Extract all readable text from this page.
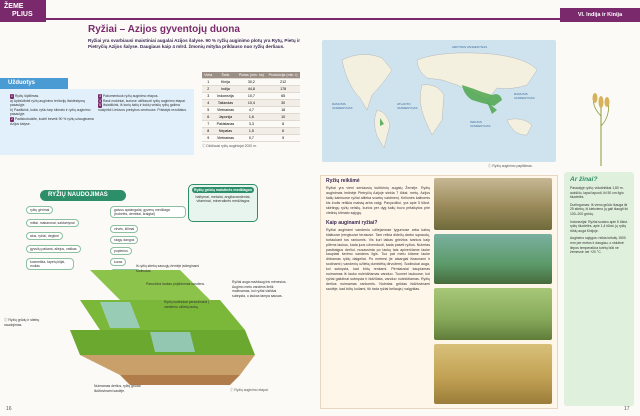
ŽEME
PLIUS	VI. Indija ir Kinija
Ryžiai – Azijos gyventojų duona
Ryžiai yra svarbiausi maistiniai augalai Azijos šalyse. 90 % ryžių auginimo plotų yra Rytų, Pietų ir Pietryčių Azijos šalyse. Daugiaus kaip 4 mlrd. žmonių mityba priklauso nuo ryžių derliaus.
Užduotys
1 Ryžių šiplitimas.
a) Apibūdinkit ryžių auginimo teritorijų išsidėstymą pasaulyje.
b) Paaiškink, kokiu ryšiu tarp klimato ir ryžių auginimo pasaulyje.
2 Padiskutuokite, kodėl beveik 90 % ryžių užauginama Azijos šalyse.
3 Pakomentuok ryžių auginimo etapus.
4 Rask mokiniai, kuriose užfiksuoti ryžių auginimo etapai.
5 Išsiaiškink, iš kurių šalių ir kokių veislių ryžių galima nusipirkti Lietuvos prekybos centruose. Pristatyk rezultatus.
Vieta	Šalis	Plotas (mln. ha)	Produkcija (mln. t)
1	Kinija	30,2	212
2	Indija	44,8	178
3	Indonezija	10,7	65
4	Tailandas	10,4	30
5	Vietnamas	4,7	18
6	Japonija	1,6	10
7	Pakistanas	3,3	8
8	Nepalas	1,5	6
9	Vietnamas	0,7	5
ⓘ Didžiausi ryžių augintojai 2020 m.
ARKTINIS VANDENYNAS
RAMUSIS VANDENYNAS
ATLANTO VANDENYNAS
INDIJOS VANDENYNAS
RAMUSIS VANDENYNAS
ⓘ Ryžių auginimo paplitimas.
RYŽIŲ NAUDOJIMAS
ryžių gėrimai
miltai, makaronai, saldumynai
alus, ryžiai, degtinė
gyvulių pašarai, aliejus, vaškas
kosmetika, tapetų klijai, muilas
gaivus apdangalai, gyvenų medžiaga (trobelės, demblai, kraigtai)
virvės, kilimai
stogų dangos
popierius
kuras
Ryžių grūdų maistinės medžiagos
baltymai, metalai, angliavandeniai, vitaminai, mineralinės medžiagos
ⓘ Ryžių grūdų ir stiebų naudojimas.
Iš ryžių stiebų sausųjų žemėje įsideginami sodinukai.
Paruoštos laukas pripildomas vandens.
Ryžių sodinukai persodinami į vandeniu užlietą lauką.
Ryžiai auga maždaug tris mėnesius. Augimo metu vandens lietik mažinamas, kol ryžiai visiškai subręsta, o laukas tampa sausas.
Nuimamas derlius, ryžių grūdai išdžiovinami saulėje.	ⓘ Ryžių auginimo etapai.
Ryžių reikšmė
Ryžiai yra vieni seniausių kultūrinių augalų Žemėje. Ryžių auginimas imtinėje Pietryčių Azijoje siekia 7 tūkst. metų. Azijos šalių kaimuose ryžiai atlieka svarbų vaidmenį. Kelionės kalbomis šis žodis reiškia maistą arba valgį. Pavyzdžiui, yra apie 5 tūkst. skirtingų ryžių veislių, kurios per dyg šalių buvo pritaikytos prie vietinių klimato sąlygų.
Kaip auginami ryžiai?
Ryžiai auginami vandeniu užliejamose lygumose arba kalnų šlaituose įrengtuose terasose. Tam reikia didelių darbo sąnaudų, turtaukant tos rankomis. Vis kuri laikas griežtos tvarkos kaip pilėms laukus, kada juos užvenduoti, kada paseti ryžius. Nuimtas pasibaigus derliui, nusausinta po laukų tais apiverčiame lauke kaupiasi šerimo vandens ilgis. Tuo pat metu kitame lauke dirbamas ryžių daigeliai. Po metersi jie atsargiai išraunami ir sodinami į vandenių užlietą dumblėtą dirvožemį. Sodinukai auga, kol subręsta, kad būtų renkami. Pirmiausiai kaupiamas nuimamas iš lauko nuleidžiamas vanduo. Tuomet laukuose, kol ryžiai galutinai subręsta ir išdžiūsta, vanduo nuleidžiamas. Ryžių derlius nuimamas rankomis. Nuimtas grūdas išdžiovinami saulėje, kad būtų kuliami, tik tada ryžiai keliauja į valgyklas.
Ar žinai?
Pasaulyje ryžių: vidutiniškai 1,80 m. aukščio, lapai lapuoti, iki 50 cm ilgio šluotelės.
Durlingumas: Iš vieno grūdo išauga iki 25 stiebų, iš kiekvieno jų gali išaugti iki 100–200 grūdų.
Indonezijai: Ryžiai sudaro apie 5 tūkst. ryžių šluotelės, apie 1,4 tūkst. jų ryžių rūšių auga Kinijoje.
Auginimo sąlygos: reikia kritulių 1500 mm per metus ir daugiau, o vidutinė liepos temperatūra turėtų būti ne žemesnė nei +20 °C.
16	17
